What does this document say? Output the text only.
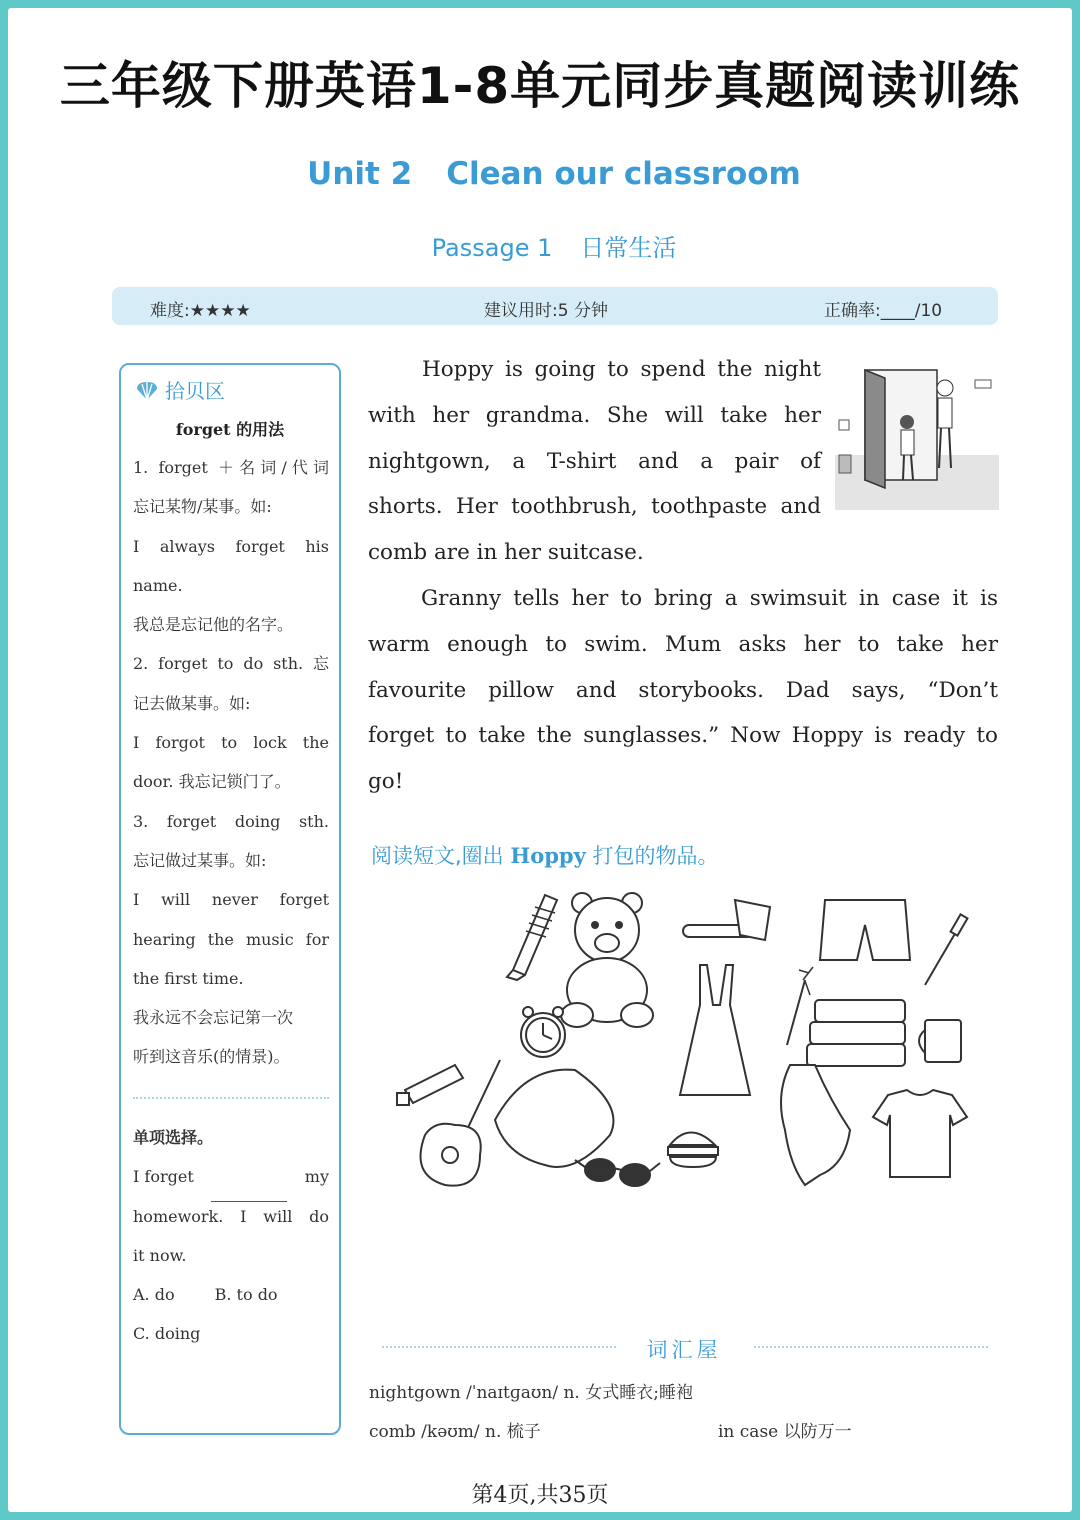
三年级下册英语1-8单元同步真题阅读训练
Unit 2 Clean our classroom
Passage 1 日常生活
难度:★★★★	建议用时:5 分钟	正确率:____/10
拾贝区
forget 的用法
1. forget ＋名词/代词
忘记某物/某事。如:
I always forget his
name.
我总是忘记他的名字。
2. forget to do sth. 忘
记去做某事。如:
I forgot to lock the
door. 我忘记锁门了。
3. forget doing sth.
忘记做过某事。如:
I will never forget
hearing the music for
the first time.
我永远不会忘记第一次
听到这音乐(的情景)。
单项选择。
I forget	my
homework. I will do
it now.
A. do	B. to do
C. doing
Hoppy is going to spend the night
with her grandma. She will take her
nightgown, a T-shirt and a pair of
shorts. Her toothbrush, toothpaste and
comb are in her suitcase.
Granny tells her to bring a swimsuit in case it is
warm enough to swim. Mum asks her to take her
favourite pillow and storybooks. Dad says, “Don’t
forget to take the sunglasses.” Now Hoppy is ready to
go!
阅读短文,圈出 Hoppy 打包的物品。
词汇屋
nightgown /ˈnaɪtɡaʊn/ n. 女式睡衣;睡袍
comb /kəʊm/ n. 梳子	in case 以防万一
第4页,共35页
